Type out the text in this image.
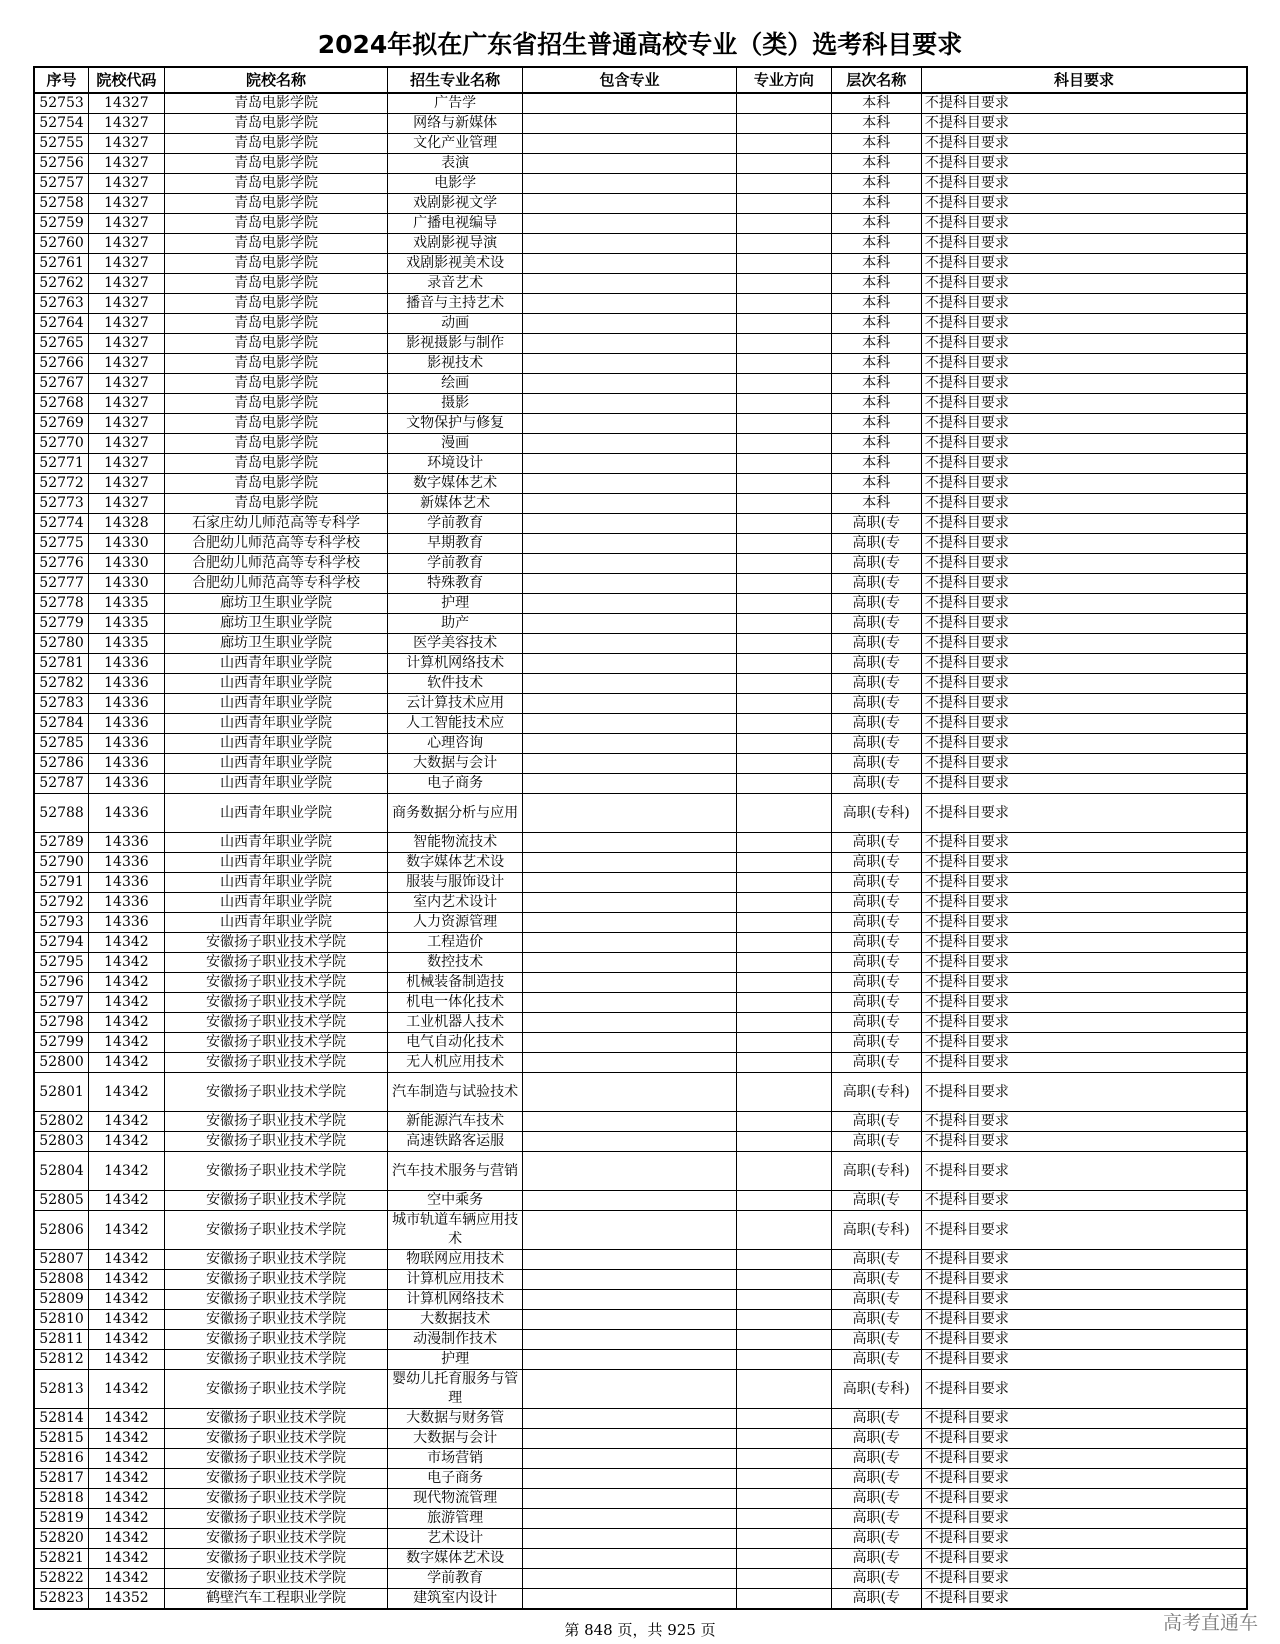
2024年拟在广东省招生普通高校专业（类）选考科目要求
序号	院校代码	院校名称	招生专业名称	包含专业	专业方向	层次名称	科目要求
52753	14327	青岛电影学院	广告学			本科	不提科目要求
52754	14327	青岛电影学院	网络与新媒体			本科	不提科目要求
52755	14327	青岛电影学院	文化产业管理			本科	不提科目要求
52756	14327	青岛电影学院	表演			本科	不提科目要求
52757	14327	青岛电影学院	电影学			本科	不提科目要求
52758	14327	青岛电影学院	戏剧影视文学			本科	不提科目要求
52759	14327	青岛电影学院	广播电视编导			本科	不提科目要求
52760	14327	青岛电影学院	戏剧影视导演			本科	不提科目要求
52761	14327	青岛电影学院	戏剧影视美术设			本科	不提科目要求
52762	14327	青岛电影学院	录音艺术			本科	不提科目要求
52763	14327	青岛电影学院	播音与主持艺术			本科	不提科目要求
52764	14327	青岛电影学院	动画			本科	不提科目要求
52765	14327	青岛电影学院	影视摄影与制作			本科	不提科目要求
52766	14327	青岛电影学院	影视技术			本科	不提科目要求
52767	14327	青岛电影学院	绘画			本科	不提科目要求
52768	14327	青岛电影学院	摄影			本科	不提科目要求
52769	14327	青岛电影学院	文物保护与修复			本科	不提科目要求
52770	14327	青岛电影学院	漫画			本科	不提科目要求
52771	14327	青岛电影学院	环境设计			本科	不提科目要求
52772	14327	青岛电影学院	数字媒体艺术			本科	不提科目要求
52773	14327	青岛电影学院	新媒体艺术			本科	不提科目要求
52774	14328	石家庄幼儿师范高等专科学	学前教育			高职(专	不提科目要求
52775	14330	合肥幼儿师范高等专科学校	早期教育			高职(专	不提科目要求
52776	14330	合肥幼儿师范高等专科学校	学前教育			高职(专	不提科目要求
52777	14330	合肥幼儿师范高等专科学校	特殊教育			高职(专	不提科目要求
52778	14335	廊坊卫生职业学院	护理			高职(专	不提科目要求
52779	14335	廊坊卫生职业学院	助产			高职(专	不提科目要求
52780	14335	廊坊卫生职业学院	医学美容技术			高职(专	不提科目要求
52781	14336	山西青年职业学院	计算机网络技术			高职(专	不提科目要求
52782	14336	山西青年职业学院	软件技术			高职(专	不提科目要求
52783	14336	山西青年职业学院	云计算技术应用			高职(专	不提科目要求
52784	14336	山西青年职业学院	人工智能技术应			高职(专	不提科目要求
52785	14336	山西青年职业学院	心理咨询			高职(专	不提科目要求
52786	14336	山西青年职业学院	大数据与会计			高职(专	不提科目要求
52787	14336	山西青年职业学院	电子商务			高职(专	不提科目要求
52788	14336	山西青年职业学院	商务数据分析与应用			高职(专科)	不提科目要求
52789	14336	山西青年职业学院	智能物流技术			高职(专	不提科目要求
52790	14336	山西青年职业学院	数字媒体艺术设			高职(专	不提科目要求
52791	14336	山西青年职业学院	服装与服饰设计			高职(专	不提科目要求
52792	14336	山西青年职业学院	室内艺术设计			高职(专	不提科目要求
52793	14336	山西青年职业学院	人力资源管理			高职(专	不提科目要求
52794	14342	安徽扬子职业技术学院	工程造价			高职(专	不提科目要求
52795	14342	安徽扬子职业技术学院	数控技术			高职(专	不提科目要求
52796	14342	安徽扬子职业技术学院	机械装备制造技			高职(专	不提科目要求
52797	14342	安徽扬子职业技术学院	机电一体化技术			高职(专	不提科目要求
52798	14342	安徽扬子职业技术学院	工业机器人技术			高职(专	不提科目要求
52799	14342	安徽扬子职业技术学院	电气自动化技术			高职(专	不提科目要求
52800	14342	安徽扬子职业技术学院	无人机应用技术			高职(专	不提科目要求
52801	14342	安徽扬子职业技术学院	汽车制造与试验技术			高职(专科)	不提科目要求
52802	14342	安徽扬子职业技术学院	新能源汽车技术			高职(专	不提科目要求
52803	14342	安徽扬子职业技术学院	高速铁路客运服			高职(专	不提科目要求
52804	14342	安徽扬子职业技术学院	汽车技术服务与营销			高职(专科)	不提科目要求
52805	14342	安徽扬子职业技术学院	空中乘务			高职(专	不提科目要求
52806	14342	安徽扬子职业技术学院	城市轨道车辆应用技术			高职(专科)	不提科目要求
52807	14342	安徽扬子职业技术学院	物联网应用技术			高职(专	不提科目要求
52808	14342	安徽扬子职业技术学院	计算机应用技术			高职(专	不提科目要求
52809	14342	安徽扬子职业技术学院	计算机网络技术			高职(专	不提科目要求
52810	14342	安徽扬子职业技术学院	大数据技术			高职(专	不提科目要求
52811	14342	安徽扬子职业技术学院	动漫制作技术			高职(专	不提科目要求
52812	14342	安徽扬子职业技术学院	护理			高职(专	不提科目要求
52813	14342	安徽扬子职业技术学院	婴幼儿托育服务与管理			高职(专科)	不提科目要求
52814	14342	安徽扬子职业技术学院	大数据与财务管			高职(专	不提科目要求
52815	14342	安徽扬子职业技术学院	大数据与会计			高职(专	不提科目要求
52816	14342	安徽扬子职业技术学院	市场营销			高职(专	不提科目要求
52817	14342	安徽扬子职业技术学院	电子商务			高职(专	不提科目要求
52818	14342	安徽扬子职业技术学院	现代物流管理			高职(专	不提科目要求
52819	14342	安徽扬子职业技术学院	旅游管理			高职(专	不提科目要求
52820	14342	安徽扬子职业技术学院	艺术设计			高职(专	不提科目要求
52821	14342	安徽扬子职业技术学院	数字媒体艺术设			高职(专	不提科目要求
52822	14342	安徽扬子职业技术学院	学前教育			高职(专	不提科目要求
52823	14352	鹤壁汽车工程职业学院	建筑室内设计			高职(专	不提科目要求
第 848 页，共 925 页	高考直通车
